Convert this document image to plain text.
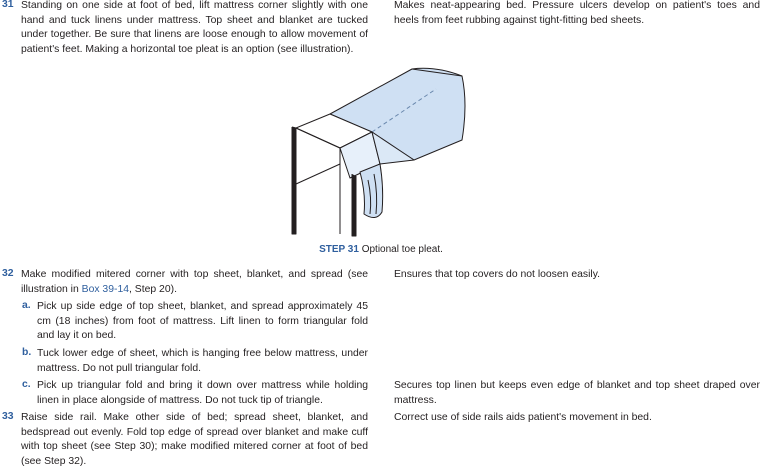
31 Standing on one side at foot of bed, lift mattress corner slightly with one hand and tuck linens under mattress. Top sheet and blanket are tucked under together. Be sure that linens are loose enough to allow movement of patient's feet. Making a horizontal toe pleat is an option (see illustration).
Makes neat-appearing bed. Pressure ulcers develop on patient's toes and heels from feet rubbing against tight-fitting bed sheets.
STEP 31 Optional toe pleat.
32 Make modified mitered corner with top sheet, blanket, and spread (see illustration in Box 39-14, Step 20).
Ensures that top covers do not loosen easily.
a. Pick up side edge of top sheet, blanket, and spread approximately 45 cm (18 inches) from foot of mattress. Lift linen to form triangular fold and lay it on bed.
b. Tuck lower edge of sheet, which is hanging free below mattress, under mattress. Do not pull triangular fold.
c. Pick up triangular fold and bring it down over mattress while holding linen in place alongside of mattress. Do not tuck tip of triangle.
Secures top linen but keeps even edge of blanket and top sheet draped over mattress.
33 Raise side rail. Make other side of bed; spread sheet, blanket, and bedspread out evenly. Fold top edge of spread over blanket and make cuff with top sheet (see Step 30); make modified mitered corner at foot of bed (see Step 32).
Correct use of side rails aids patient's movement in bed.
